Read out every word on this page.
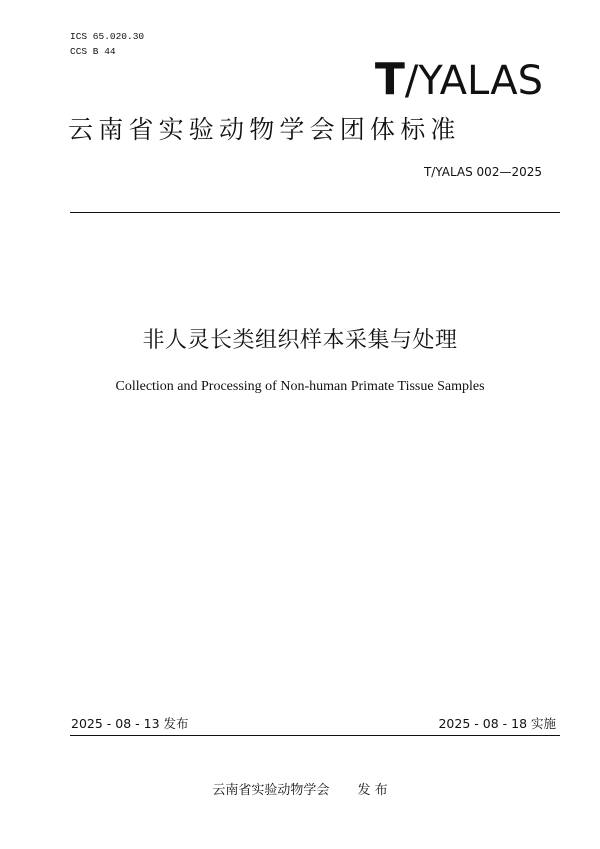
ICS 65.020.30
CCS B 44
T/YALAS
云南省实验动物学会团体标准
T/YALAS 002—2025
非人灵长类组织样本采集与处理
Collection and Processing of Non-human Primate Tissue Samples
2025 - 08 - 13 发布	2025 - 08 - 18 实施
云南省实验动物学会 发 布
